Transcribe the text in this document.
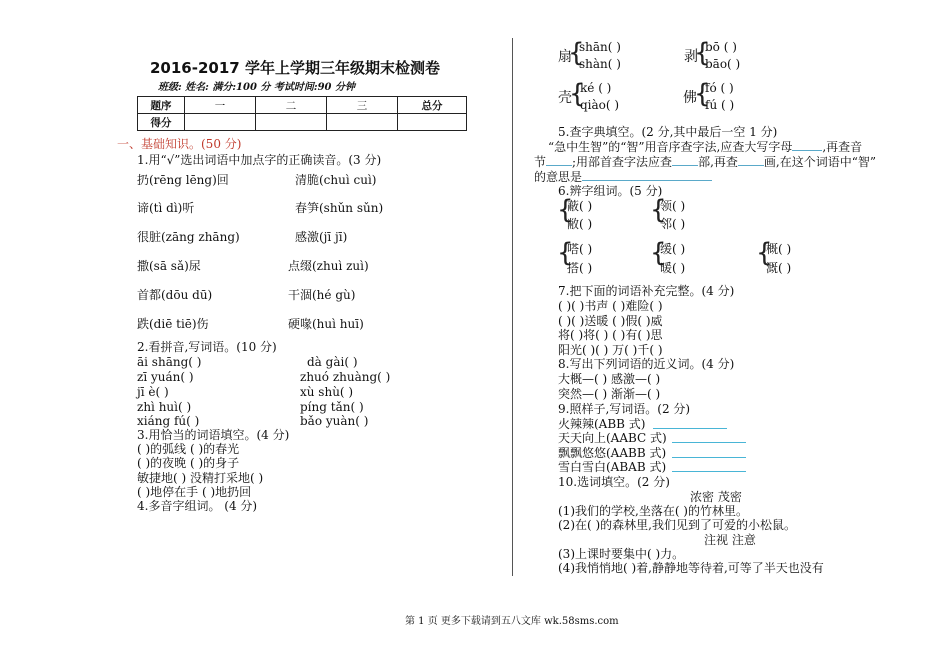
2016-2017 学年上学期三年级期末检测卷
班级: 姓名: 满分:100 分 考试时间:90 分钟
题序	一	二	三	总分
得分				
一、基础知识。(50 分)
1.用“√”选出词语中加点字的正确读音。(3 分)
扔(rēng lēng)回	清脆(chuì cuì)
谛(tì dì)听	春笋(shǔn sǔn)
很脏(zāng zhāng)	感激(jī jī)
撒(sā sǎ)尿	点缀(zhuì zuì)
首都(dōu dū)	干涸(hé gù)
跌(diē tiē)伤	硬喙(huì huī)
2.看拼音,写词语。(10 分)
āi shāng( )	dà gài( )
zī yuán( )	zhuó zhuàng( )
jī è( )	xù shù( )
zhì huì( )	píng tǎn( )
xiáng fú( )	bǎo yuàn( )
3.用恰当的词语填空。(4 分)
( )的弧线 ( )的春光
( )的夜晚 ( )的身子
敏捷地( ) 没精打采地( )
( )地停在手 ( )地扔回
4.多音字组词。 (4 分)
扇
{
shān( )
shàn( )	剥
{
bō ( )
bāo( )
壳
{
ké ( )
qiào( )	佛
{
fó ( )
fú ( )
5.查字典填空。(2 分,其中最后一空 1 分)
“急中生智”的“智”用音序查字法,应查大写字母	,再查音
节 ;用部首查字法应查 部,再查 画,在这个词语中“智”
的意思是
6.辨字组词。(5 分)
{
蔽( )
敝( ) {
领( )
邻( )
{
嗒( )
搭( ) {
缓( )
暖( )	{
概( )
溉( )
7.把下面的词语补充完整。(4 分)
( )( )书声 ( )难险( )
( )( )送暖 ( )假( )威
将( )将( ) ( )有( )思
阳光( )( ) 万( )千( )
8.写出下列词语的近义词。(4 分)
大概—( ) 感激—( )
突然—( ) 渐渐—( )
9.照样子,写词语。(2 分)
火辣辣(ABB 式)
天天向上(AABC 式)
飘飘悠悠(AABB 式)
雪白雪白(ABAB 式)
10.选词填空。(2 分)
浓密 茂密
(1)我们的学校,坐落在( )的竹林里。
(2)在( )的森林里,我们见到了可爱的小松鼠。
注视 注意
(3)上课时要集中( )力。
(4)我悄悄地( )着,静静地等待着,可等了半天也没有
第 1 页 更多下载请到五八文库 wk.58sms.com
